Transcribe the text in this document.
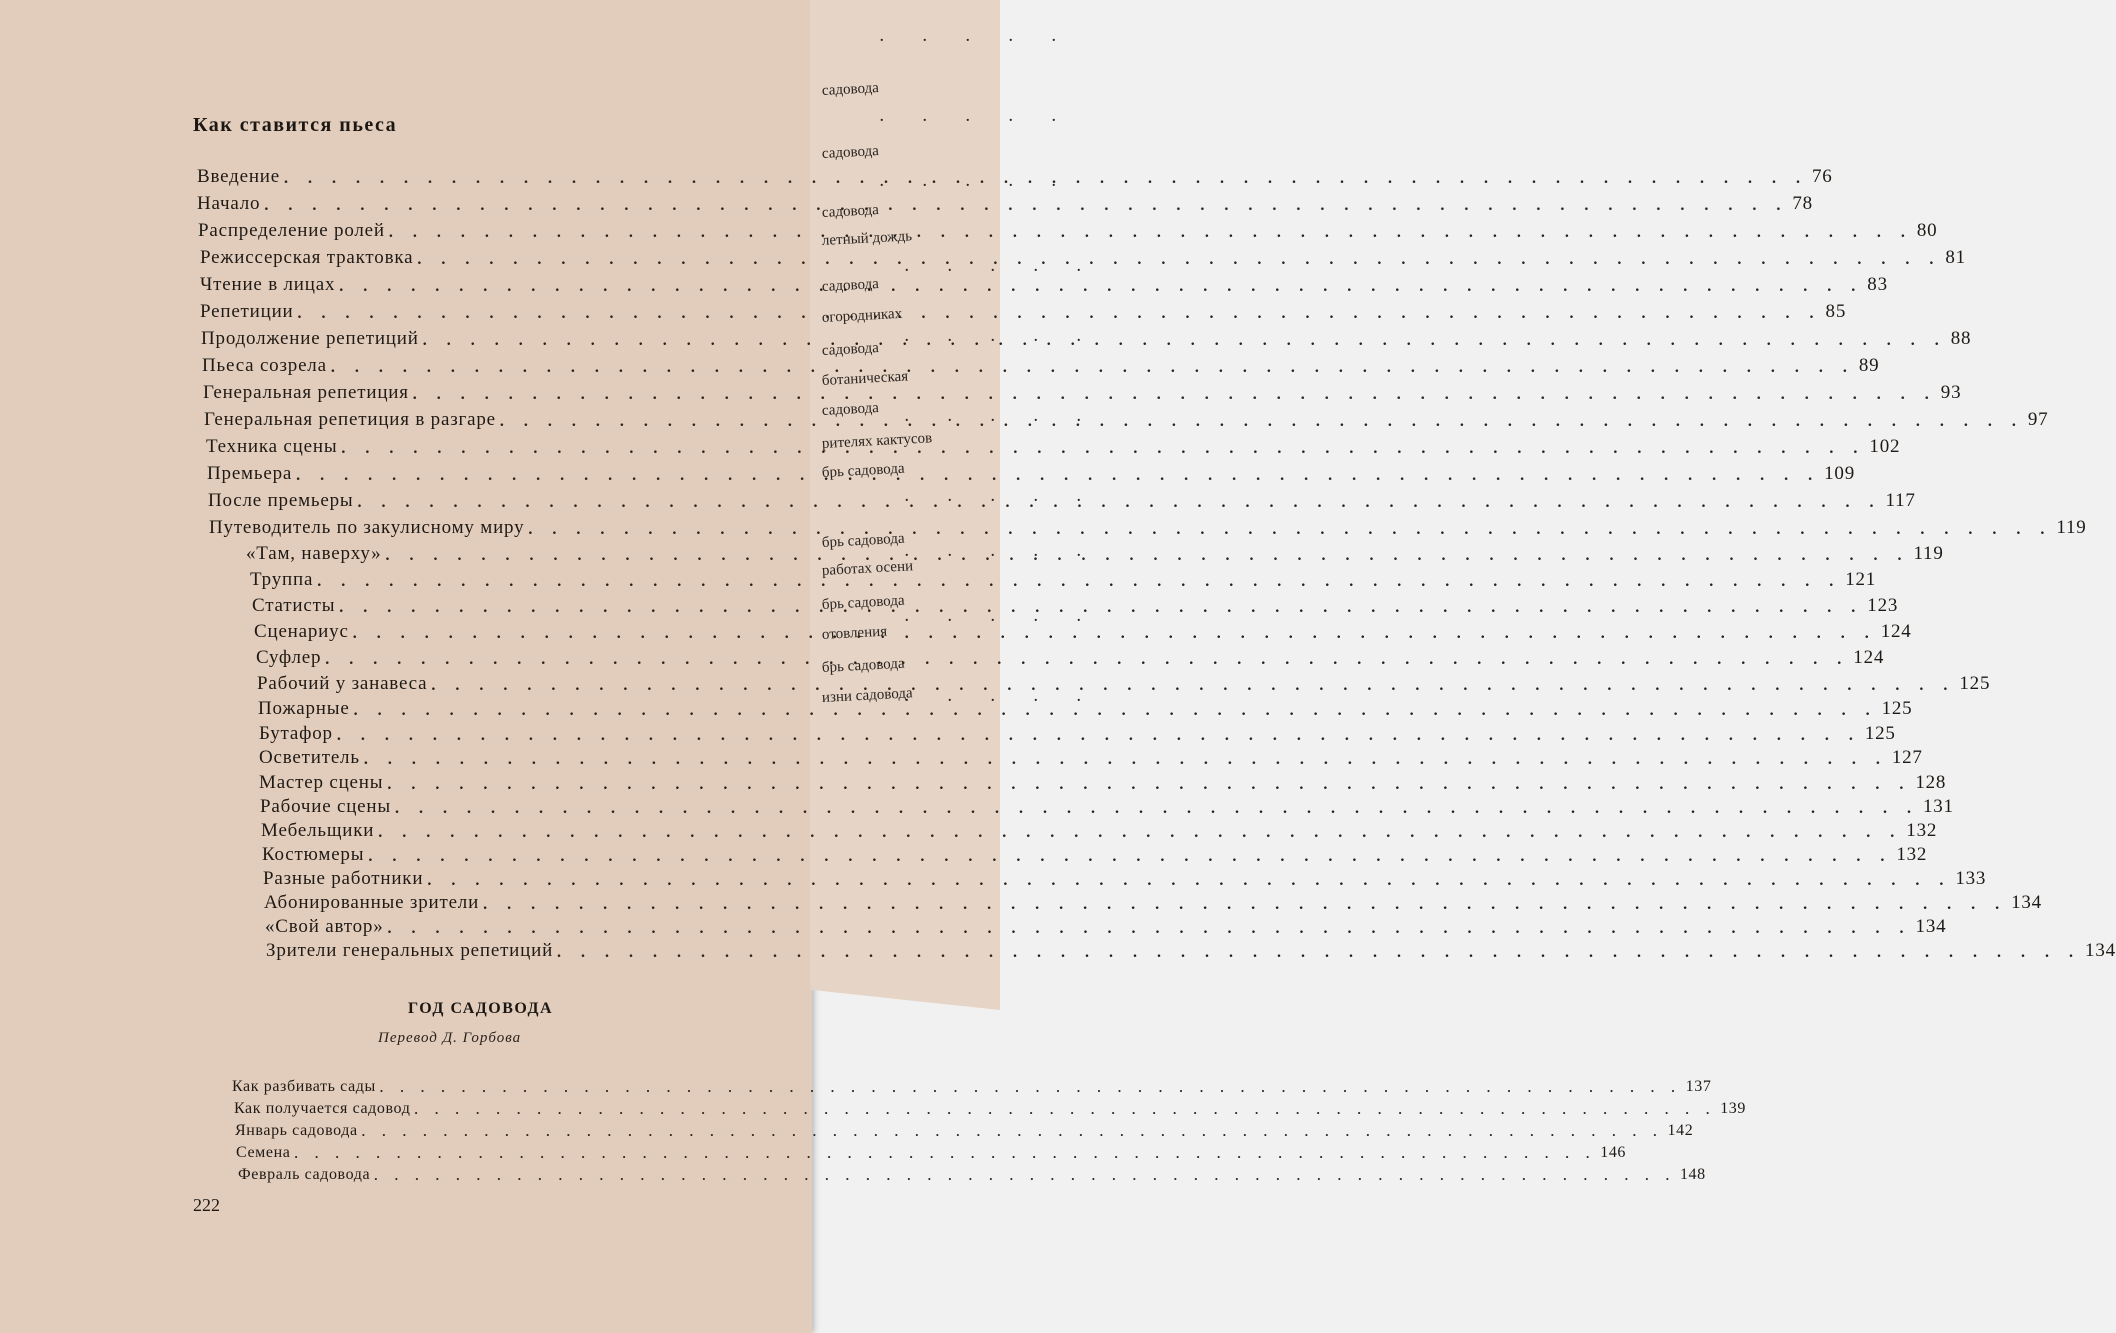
Как ставится пьеса
Введение . . .	76
Начало . . .	78
Распределение ролей . . .	80
Режиссерская трактовка . . .	81
Чтение в лицах . . .	83
Репетиции . . .	85
Продолжение репетиций . . .	88
Пьеса созрела . . .	89
Генеральная репетиция . . .	93
Генеральная репетиция в разгаре . . .	97
Техника сцены . . .	102
Премьера . . .	109
После премьеры . . .	117
Путеводитель по закулисному миру . . .	119
«Там, наверху» . . .	119
Труппа . . .	121
Статисты . . .	123
Сценариус . . .	124
Суфлер . . .	124
Рабочий у занавеса . . .	125
Пожарные . . .	125
Бутафор . . .	125
Осветитель . . .	127
Мастер сцены . . .	128
Рабочие сцены . . .	131
Мебельщики . . .	132
Костюмеры . . .	132
Разные работники . . .	133
Абонированные зрители . . .	134
«Свой автор» . . .	134
Зрители генеральных репетиций . . .	134
ГОД САДОВОДА
Перевод Д. Горбова
Как разбивать сады . . .	137
Как получается садовод . . .	139
Январь садовода . . .	142
Семена . . .	146
Февраль садовода . . .	148
222
садовода
садовода
садовода
летный дождь
садовода
огородниках
садовода
ботаническая
садовода
рителях кактусов
брь садовода
брь садовода
работах осени
брь садовода
отовления
брь садовода
изни садовода
. . . . .
. . . . .
. . . . .
. . . . .
. . . . .
. . . . .
. . . . .
. . . . .
. . . . .
. . . . .
